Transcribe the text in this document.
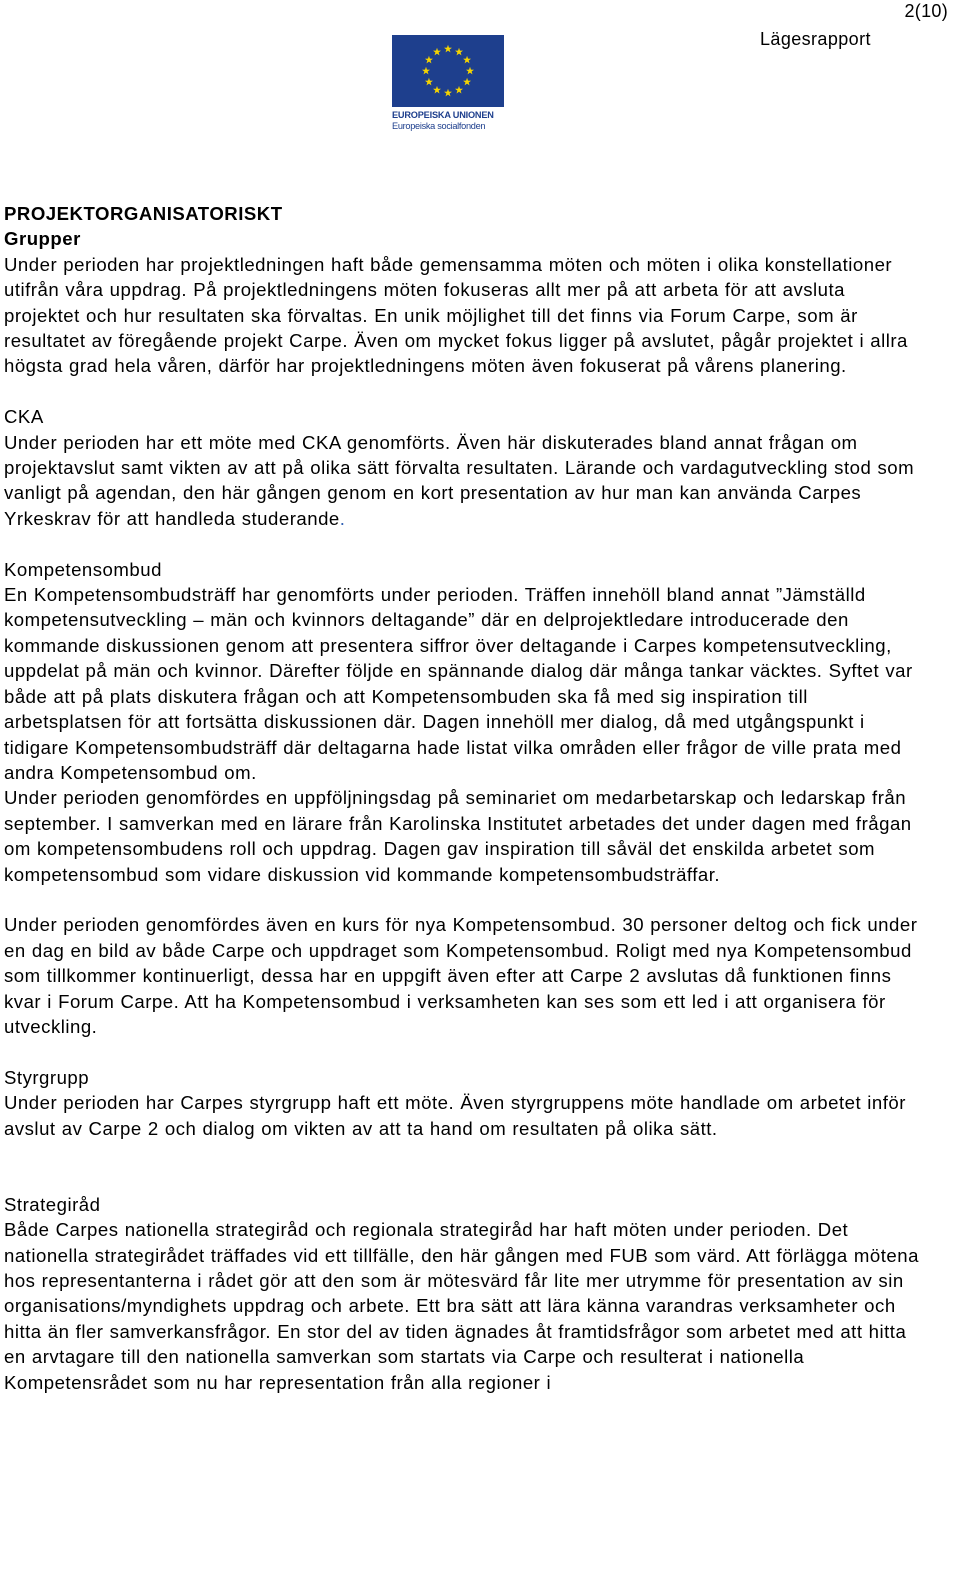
2(10)
Lägesrapport
EUROPEISKA UNIONEN
Europeiska socialfonden

PROJEKTORGANISATORISKT

Grupper

Under perioden har projektledningen haft både gemensamma möten och möten i olika konstellationer utifrån våra uppdrag. På projektledningens möten fokuseras allt mer på att arbeta för att avsluta projektet och hur resultaten ska förvaltas. En unik möjlighet till det finns via Forum Carpe, som är resultatet av föregående projekt Carpe. Även om mycket fokus ligger på avslutet, pågår projektet i allra högsta grad hela våren, därför har projektledningens möten även fokuserat på vårens planering.

CKA

Under perioden har ett möte med CKA genomförts. Även här diskuterades bland annat frågan om projektavslut samt vikten av att på olika sätt förvalta resultaten. Lärande och vardagutveckling stod som vanligt på agendan, den här gången genom en kort presentation av hur man kan använda Carpes Yrkeskrav för att handleda studerande.

Kompetensombud

En Kompetensombudsträff har genomförts under perioden. Träffen innehöll bland annat ”Jämställd kompetensutveckling – män och kvinnors deltagande” där en delprojektledare introducerade den kommande diskussionen genom att presentera siffror över deltagande i Carpes kompetensutveckling, uppdelat på män och kvinnor. Därefter följde en spännande dialog där många tankar väcktes. Syftet var både att på plats diskutera frågan och att Kompetensombuden ska få med sig inspiration till arbetsplatsen för att fortsätta diskussionen där. Dagen innehöll mer dialog, då med utgångspunkt i tidigare Kompetensombudsträff där deltagarna hade listat vilka områden eller frågor de ville prata med andra Kompetensombud om.

Under perioden genomfördes en uppföljningsdag på seminariet om medarbetarskap och ledarskap från september. I samverkan med en lärare från Karolinska Institutet arbetades det under dagen med frågan om kompetensombudens roll och uppdrag. Dagen gav inspiration till såväl det enskilda arbetet som kompetensombud som vidare diskussion vid kommande kompetensombudsträffar.

Under perioden genomfördes även en kurs för nya Kompetensombud. 30 personer deltog och fick under en dag en bild av både Carpe och uppdraget som Kompetensombud. Roligt med nya Kompetensombud som tillkommer kontinuerligt, dessa har en uppgift även efter att Carpe 2 avslutas då funktionen finns kvar i Forum Carpe. Att ha Kompetensombud i verksamheten kan ses som ett led i att organisera för utveckling.

Styrgrupp

Under perioden har Carpes styrgrupp haft ett möte. Även styrgruppens möte handlade om arbetet inför avslut av Carpe 2 och dialog om vikten av att ta hand om resultaten på olika sätt.

Strategiråd

Både Carpes nationella strategiråd och regionala strategiråd har haft möten under perioden. Det nationella strategirådet träffades vid ett tillfälle, den här gången med FUB som värd. Att förlägga mötena hos representanterna i rådet gör att den som är mötesvärd får lite mer utrymme för presentation av sin organisations/myndighets uppdrag och arbete. Ett bra sätt att lära känna varandras verksamheter och hitta än fler samverkansfrågor. En stor del av tiden ägnades åt framtidsfrågor som arbetet med att hitta en arvtagare till den nationella samverkan som startats via Carpe och resulterat i nationella Kompetensrådet som nu har representation från alla regioner i
